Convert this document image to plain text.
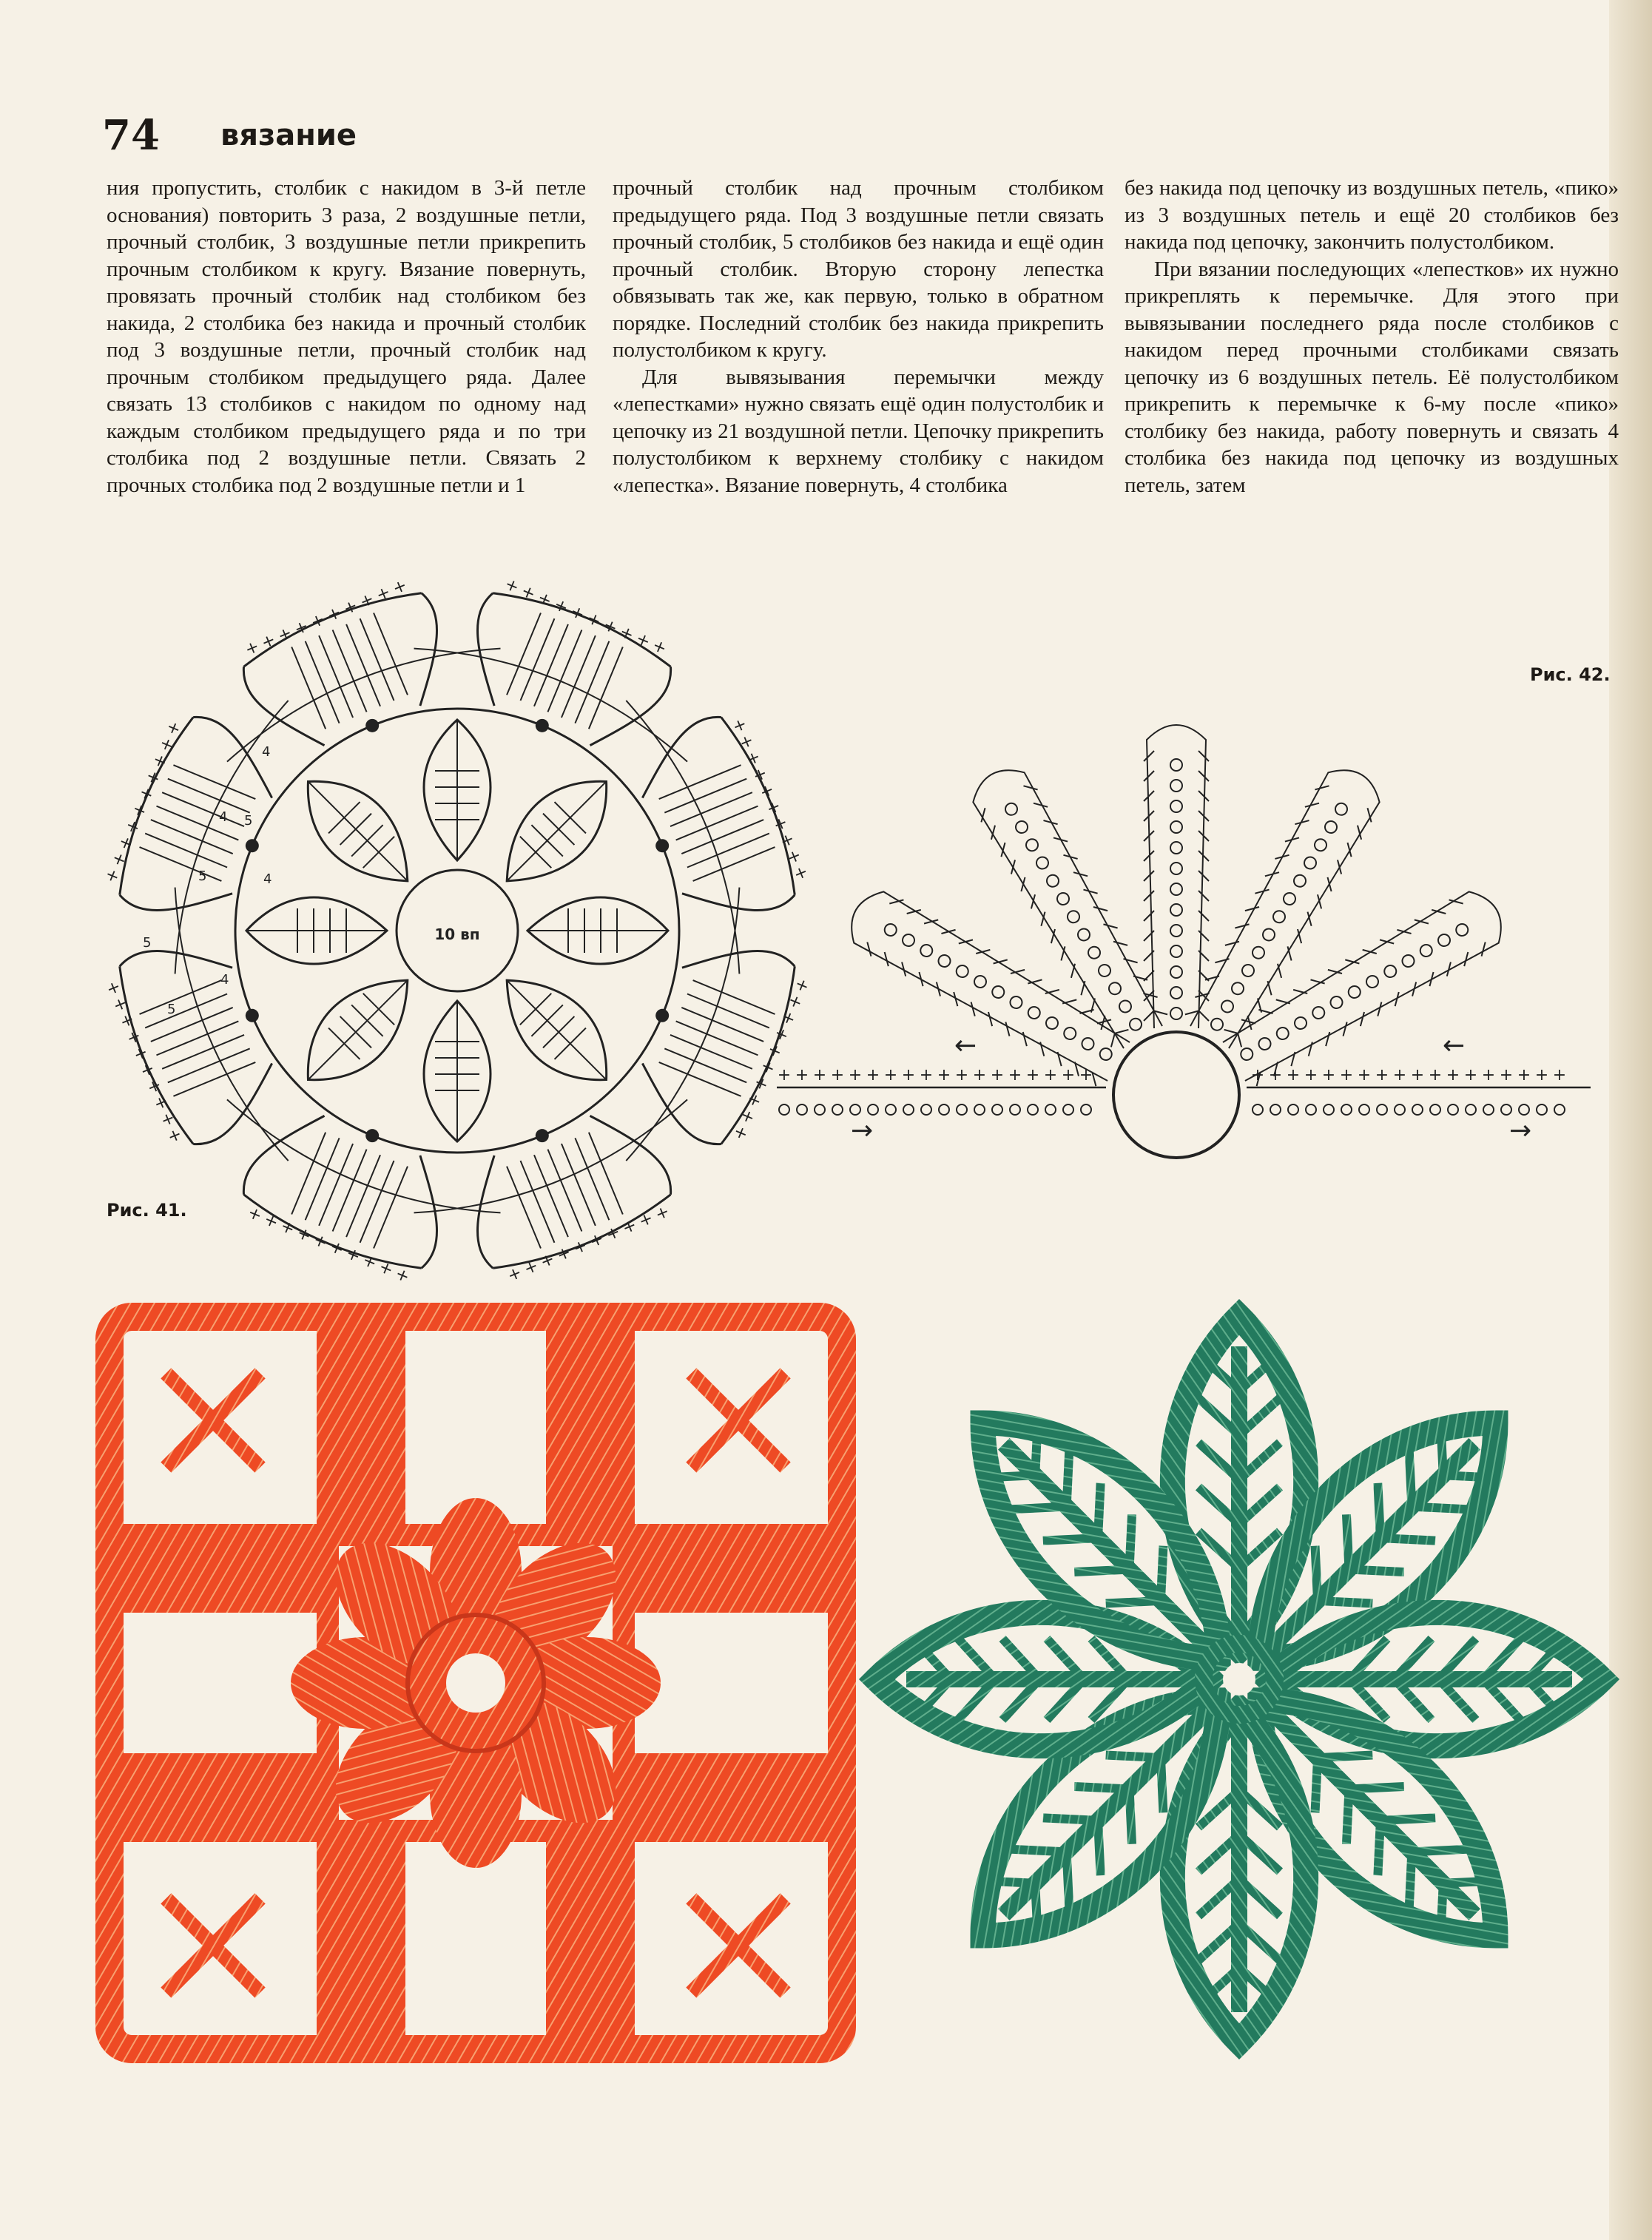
74 вязание

ния пропустить, столбик с накидом в 3-й петле основания) повторить 3 раза, 2 воздушные петли, прочный столбик, 3 воздушные петли прикрепить прочным столбиком к кругу. Вязание повернуть, провязать прочный столбик над столбиком без накида, 2 столбика без накида и прочный столбик под 3 воздушные петли, прочный столбик над прочным столбиком предыдущего ряда. Далее связать 13 столбиков с накидом по одному над каждым столбиком предыдущего ряда и по три столбика под 2 воздушные петли. Связать 2 прочных столбика под 2 воздушные петли и 1

прочный столбик над прочным столбиком предыдущего ряда. Под 3 воздушные петли связать прочный столбик, 5 столбиков без накида и ещё один прочный столбик. Вторую сторону лепестка обвязывать так же, как первую, только в обратном порядке. Последний столбик без накида прикрепить полустолбиком к кругу.

Для вывязывания перемычки между «лепестками» нужно связать ещё один полустолбик и цепочку из 21 воздушной петли. Цепочку прикрепить полустолбиком к верхнему столбику с накидом «лепестка». Вязание повернуть, 4 столбика

без накида под цепочку из воздушных петель, «пико» из 3 воздушных петель и ещё 20 столбиков без накида под цепочку, закончить полустолбиком.

При вязании последующих «лепестков» их нужно прикреплять к перемычке. Для этого при вывязывании последнего ряда после столбиков с накидом перед прочными столбиками связать цепочку из 6 воздушных петель. Её полустолбиком прикрепить к перемычке к 6-му после «пико» столбику без накида, работу повернуть и связать 4 столбика без накида под цепочку из воздушных петель, затем

+
+
+
+
+
+
+
+
+
+
+
+
+
+
+
+
+
+
+
+
+
+
+
+
+
+
+
+
+
+
+
+
+
+
+
+
+
+
+
+
+
+
+
+
+
+
+
+
+
+
+
+
+
+
+
+
+
+
+
+
+
+
+
+
+
+
+
+
+
+
+
+
+
+
+
+
+
+
+
+
10 вп
5
5
5
5
4
4
4
4
Рис. 41.
Рис. 42.
+	+
+	+
+	+
+	+
+	+
+	+
+	+
+	+
+	+
+	+
+	+
+	+
+	+
+	+
+	+
+	+
+	+
+	+
→	→
←	←
